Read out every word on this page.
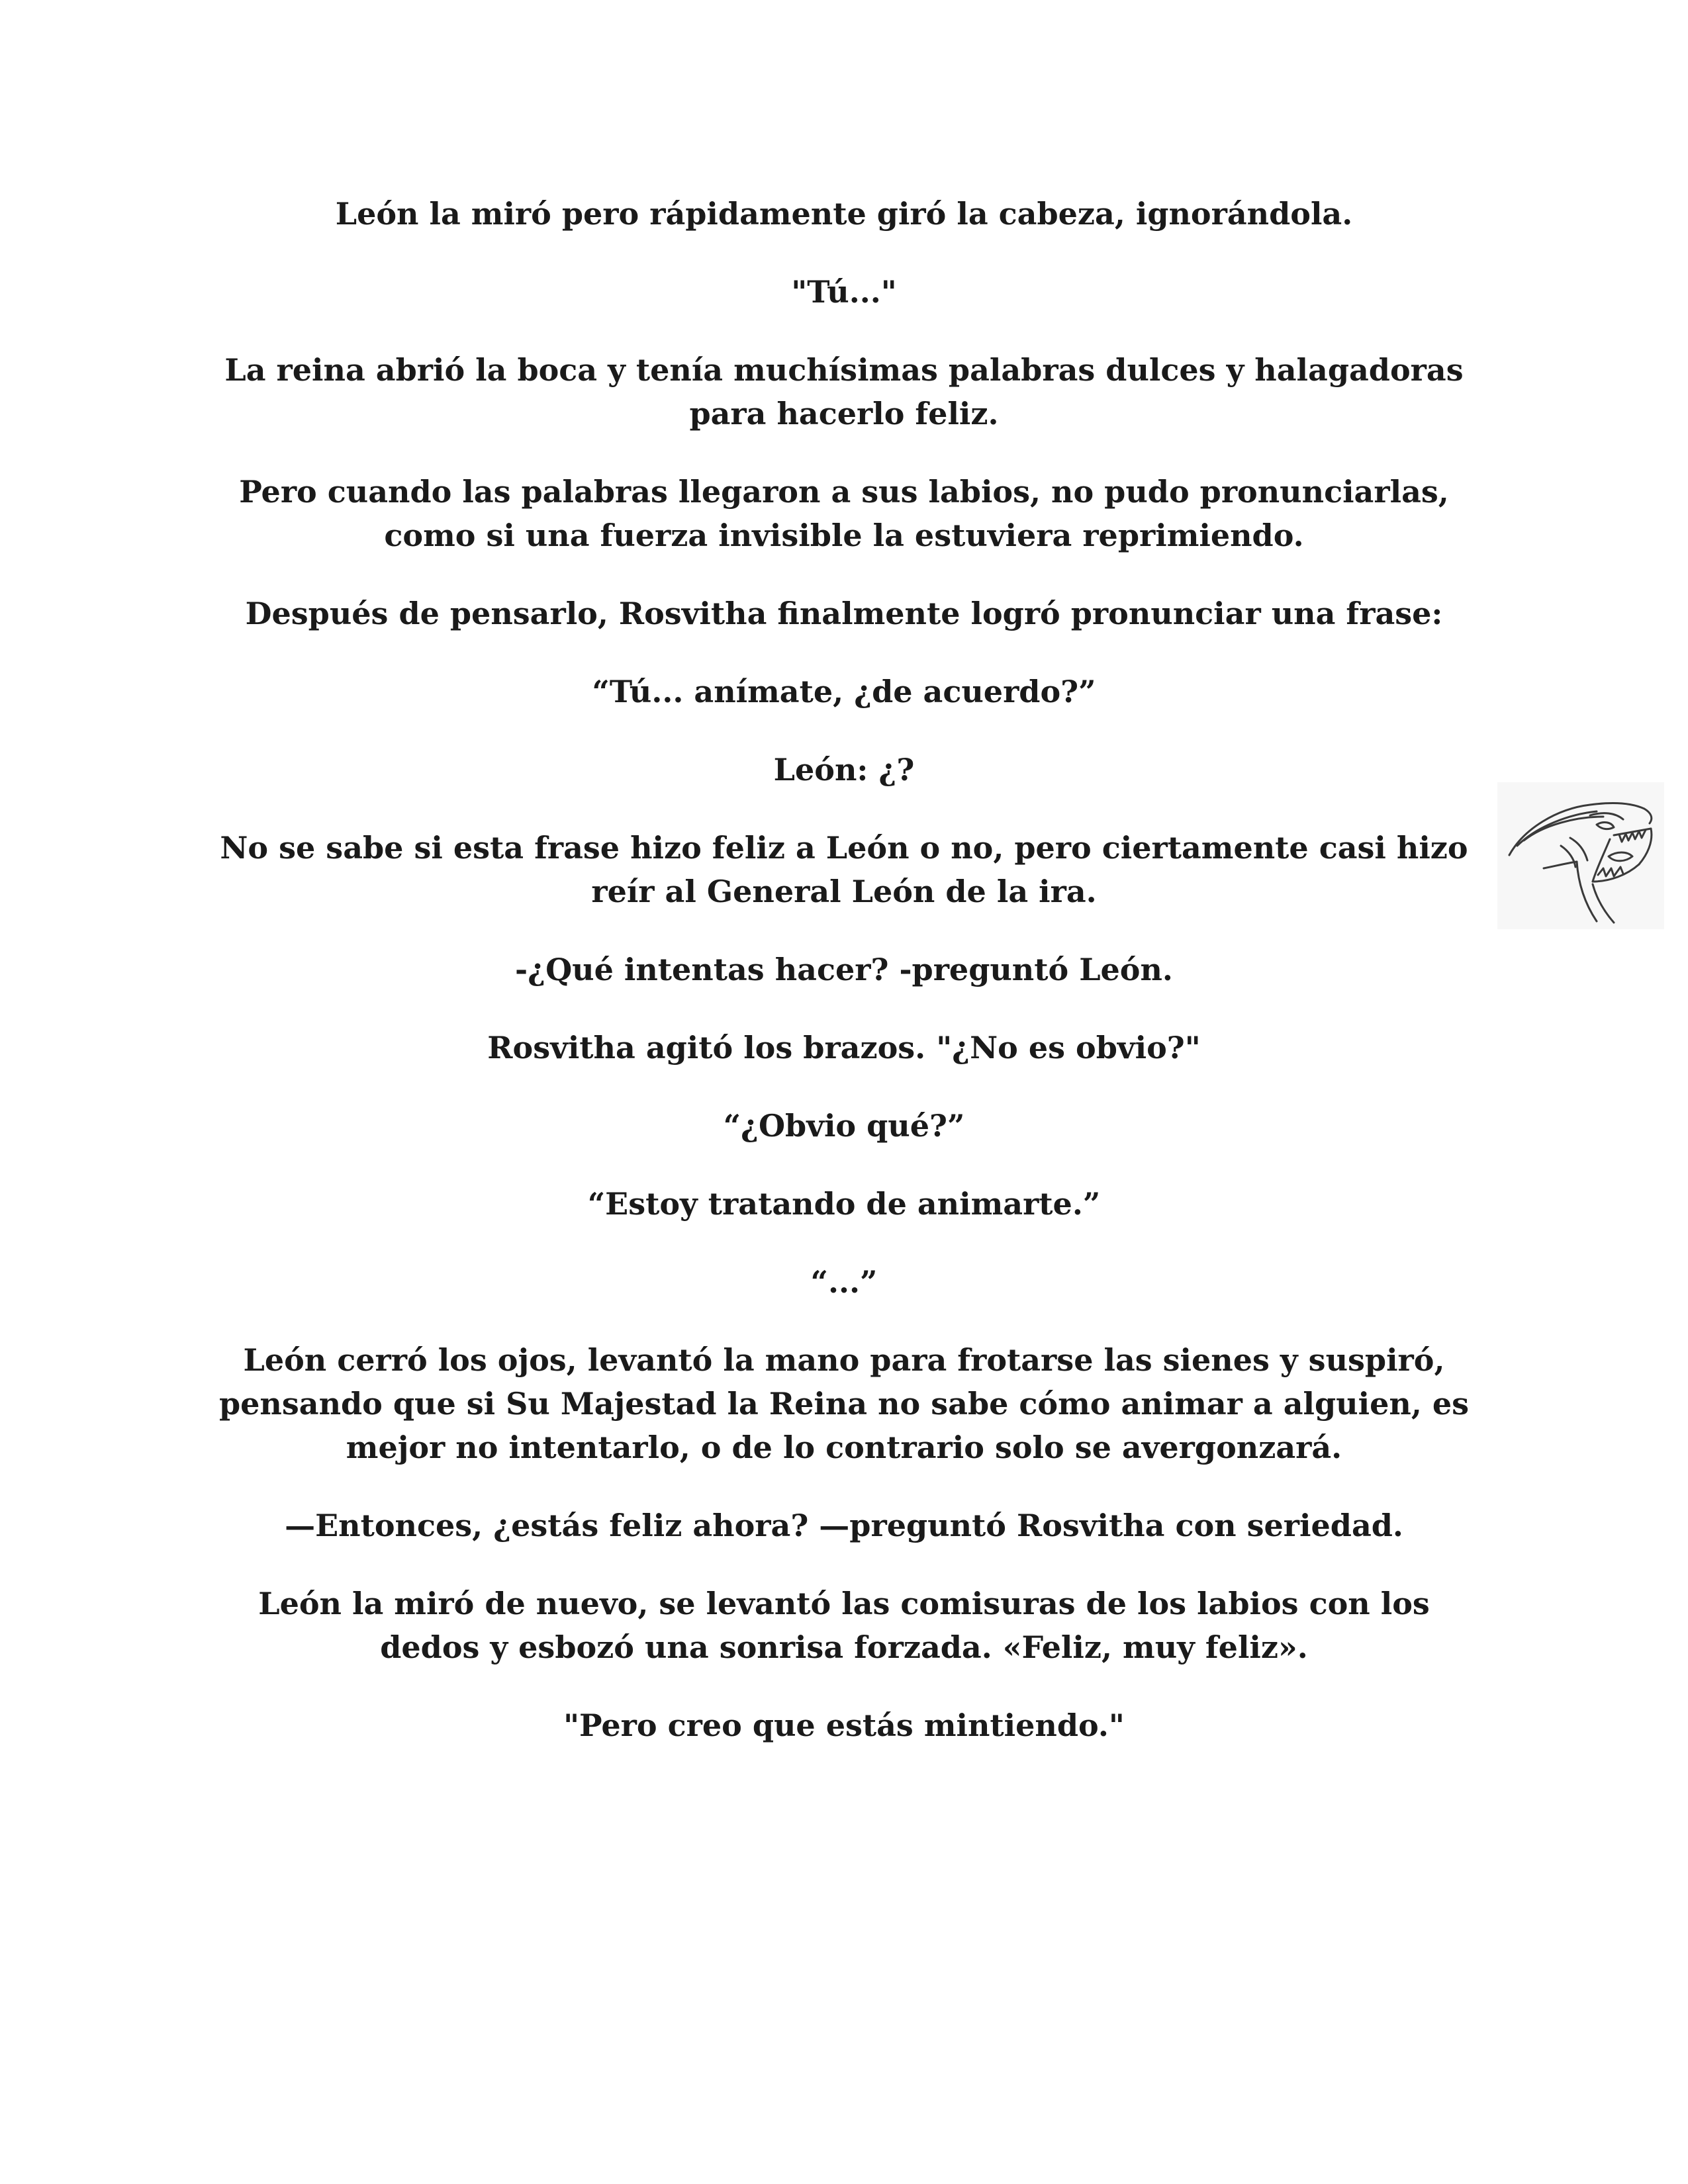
León la miró pero rápidamente giró la cabeza, ignorándola.

"Tú..."

La reina abrió la boca y tenía muchísimas palabras dulces y halagadoras para hacerlo feliz.

Pero cuando las palabras llegaron a sus labios, no pudo pronunciarlas, como si una fuerza invisible la estuviera reprimiendo.

Después de pensarlo, Rosvitha finalmente logró pronunciar una frase:

“Tú... anímate, ¿de acuerdo?”

León: ¿?

No se sabe si esta frase hizo feliz a León o no, pero ciertamente casi hizo reír al General León de la ira.

-¿Qué intentas hacer? -preguntó León.

Rosvitha agitó los brazos. "¿No es obvio?"

“¿Obvio qué?”

“Estoy tratando de animarte.”

“...”

León cerró los ojos, levantó la mano para frotarse las sienes y suspiró, pensando que si Su Majestad la Reina no sabe cómo animar a alguien, es mejor no intentarlo, o de lo contrario solo se avergonzará.

—Entonces, ¿estás feliz ahora? —preguntó Rosvitha con seriedad.

León la miró de nuevo, se levantó las comisuras de los labios con los dedos y esbozó una sonrisa forzada. «Feliz, muy feliz».

"Pero creo que estás mintiendo."
